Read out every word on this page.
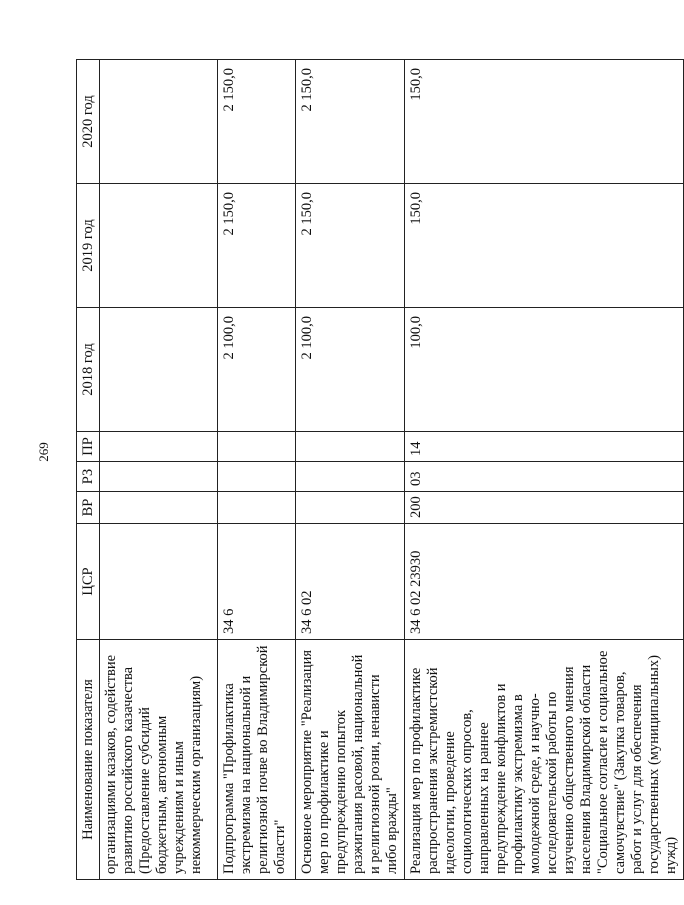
269
Наименование показателя	ЦСР	ВР	РЗ	ПР	2018 год	2019 год	2020 год
организациями казаков, содействие развитию российского казачества (Предоставление субсидий бюджетным, автономным учреждениям и иным некоммерческим организациям)							
Подпрограмма "Профилактика экстремизма на национальной и религиозной почве во Владимирской области"	34 6				2 100,0	2 150,0	2 150,0
Основное мероприятие "Реализация мер по профилактике и предупреждению попыток разжигания расовой, национальной и религиозной розни, ненависти либо вражды"	34 6 02				2 100,0	2 150,0	2 150,0
Реализация мер по профилактике распространения экстремистской идеологии, проведение социологических опросов, направленных на раннее предупреждение конфликтов и профилактику экстремизма в молодежной среде, и научно-исследовательской работы по изучению общественного мнения населения Владимирской области "Социальное согласие и социальное самочувствие" (Закупка товаров, работ и услуг для обеспечения государственных (муниципальных) нужд)	34 6 02 23930	200	03	14	100,0	150,0	150,0
